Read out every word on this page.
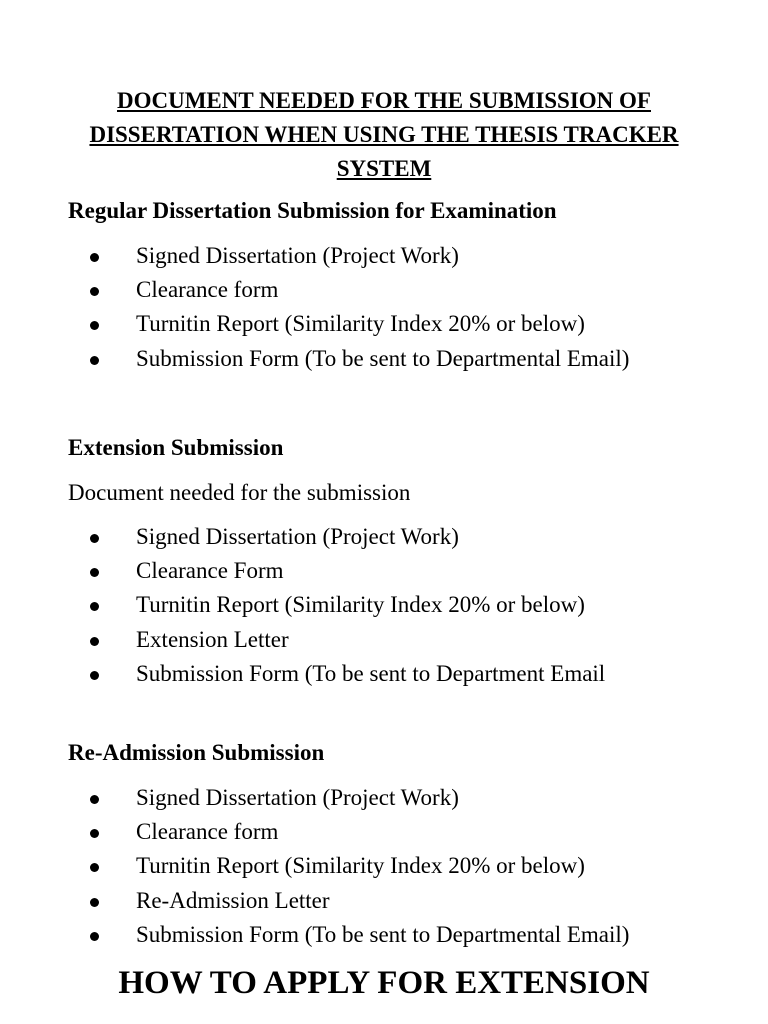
DOCUMENT NEEDED FOR THE SUBMISSION OF DISSERTATION WHEN USING THE THESIS TRACKER SYSTEM
Regular Dissertation Submission for Examination
Signed Dissertation (Project Work)
Clearance form
Turnitin Report (Similarity Index 20% or below)
Submission Form (To be sent to Departmental Email)
Extension Submission

Document needed for the submission

Signed Dissertation (Project Work)
Clearance Form
Turnitin Report (Similarity Index 20% or below)
Extension Letter
Submission Form (To be sent to Department Email
Re-Admission Submission
Signed Dissertation (Project Work)
Clearance form
Turnitin Report (Similarity Index 20% or below)
Re-Admission Letter
Submission Form (To be sent to Departmental Email)
HOW TO APPLY FOR EXTENSION
